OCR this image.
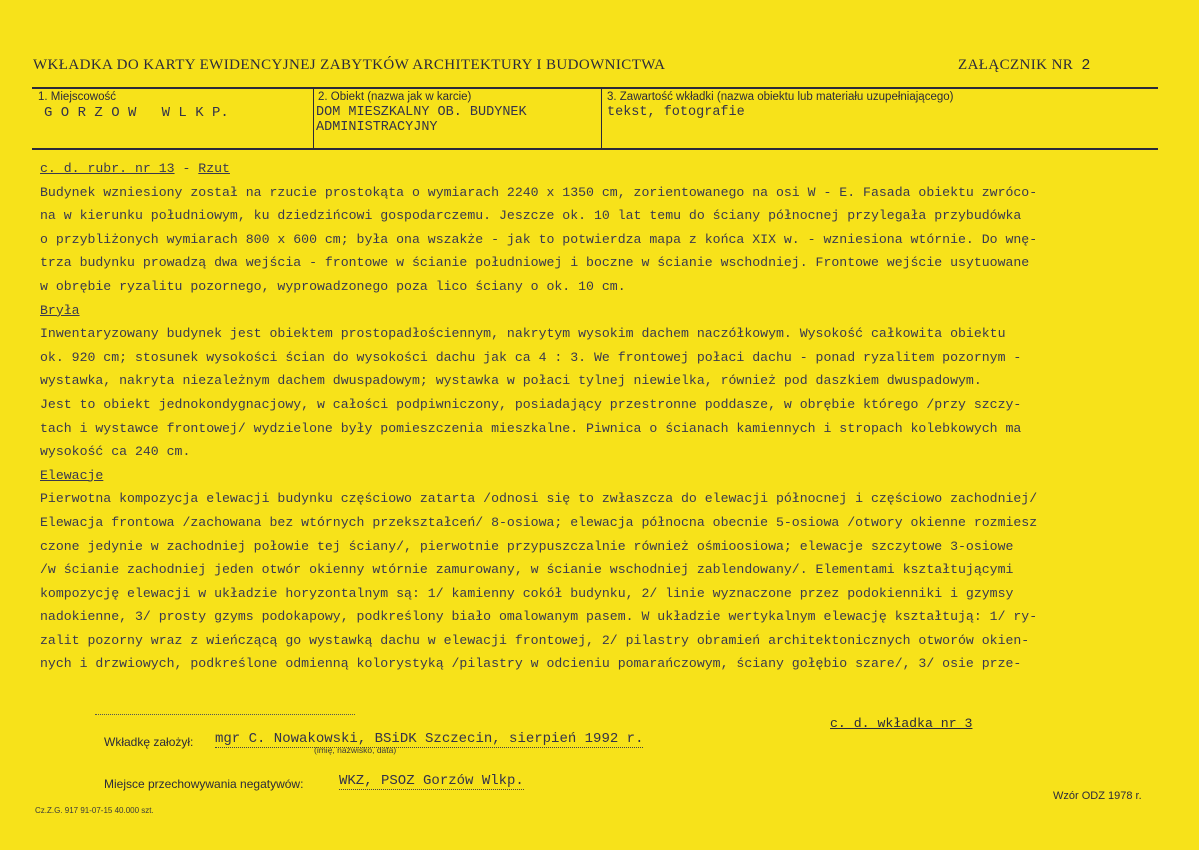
WKŁADKA DO KARTY EWIDENCYJNEJ ZABYTKÓW ARCHITEKTURY I BUDOWNICTWA	ZAŁĄCZNIK NR 2
1. Miejscowość
G O R Z O W   W L K P.
2. Obiekt (nazwa jak w karcie)
DOM MIESZKALNY OB. BUDYNEK
ADMINISTRACYJNY
3. Zawartość wkładki (nazwa obiektu lub materiału uzupełniającego)
tekst, fotografie
c. d. rubr. nr 13 - Rzut
Budynek wzniesiony został na rzucie prostokąta o wymiarach 2240 x 1350 cm, zorientowanego na osi W - E. Fasada obiektu zwróco-
na w kierunku południowym, ku dziedzińcowi gospodarczemu. Jeszcze ok. 10 lat temu do ściany północnej przylegała przybudówka
o przybliżonych wymiarach 800 x 600 cm; była ona wszakże - jak to potwierdza mapa z końca XIX w. - wzniesiona wtórnie. Do wnę-
trza budynku prowadzą dwa wejścia - frontowe w ścianie południowej i boczne w ścianie wschodniej. Frontowe wejście usytuowane
w obrębie ryzalitu pozornego, wyprowadzonego poza lico ściany o ok. 10 cm.
Bryła
Inwentaryzowany budynek jest obiektem prostopadłościennym, nakrytym wysokim dachem naczółkowym. Wysokość całkowita obiektu
ok. 920 cm; stosunek wysokości ścian do wysokości dachu jak ca 4 : 3. We frontowej połaci dachu - ponad ryzalitem pozornym -
wystawka, nakryta niezależnym dachem dwuspadowym; wystawka w połaci tylnej niewielka, również pod daszkiem dwuspadowym.
Jest to obiekt jednokondygnacjowy, w całości podpiwniczony, posiadający przestronne poddasze, w obrębie którego /przy szczy-
tach i wystawce frontowej/ wydzielone były pomieszczenia mieszkalne. Piwnica o ścianach kamiennych i stropach kolebkowych ma
wysokość ca 240 cm.
Elewacje
Pierwotna kompozycja elewacji budynku częściowo zatarta /odnosi się to zwłaszcza do elewacji północnej i częściowo zachodniej/
Elewacja frontowa /zachowana bez wtórnych przekształceń/ 8-osiowa; elewacja północna obecnie 5-osiowa /otwory okienne rozmiesz
czone jedynie w zachodniej połowie tej ściany/, pierwotnie przypuszczalnie również ośmioosiowa; elewacje szczytowe 3-osiowe
/w ścianie zachodniej jeden otwór okienny wtórnie zamurowany, w ścianie wschodniej zablendowany/. Elementami kształtującymi
kompozycję elewacji w układzie horyzontalnym są: 1/ kamienny cokół budynku, 2/ linie wyznaczone przez podokienniki i gzymsy
nadokienne, 3/ prosty gzyms podokapowy, podkreślony biało omalowanym pasem. W układzie wertykalnym elewację kształtują: 1/ ry-
zalit pozorny wraz z wieńczącą go wystawką dachu w elewacji frontowej, 2/ pilastry obramień architektonicznych otworów okien-
nych i drzwiowych, podkreślone odmienną kolorystyką /pilastry w odcieniu pomarańczowym, ściany gołębio szare/, 3/ osie prze-
c. d. wkładka nr 3
Wkładkę założył: mgr C. Nowakowski, BSiDK Szczecin, sierpień 1992 r.
(imię, nazwisko, data)
Miejsce przechowywania negatywów:	WKZ, PSOZ Gorzów Wlkp.
Cz.Z.G. 917 91-07-15 40.000 szt.
Wzór ODZ 1978 r.
